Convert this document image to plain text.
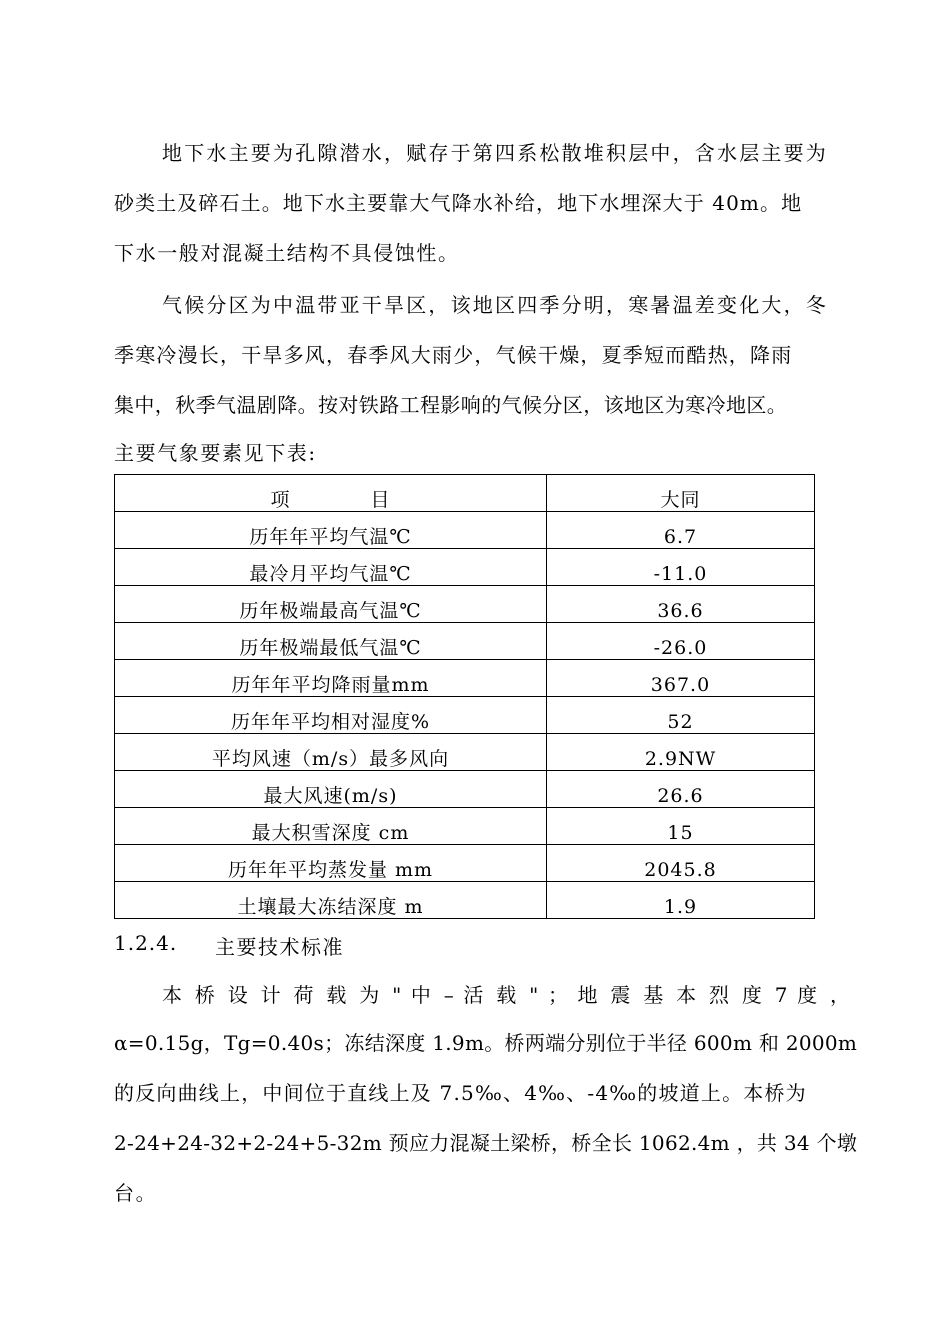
地下水主要为孔隙潜水，赋存于第四系松散堆积层中，含水层主要为
砂类土及碎石土。地下水主要靠大气降水补给，地下水埋深大于 40m。地
下水一般对混凝土结构不具侵蚀性。
气候分区为中温带亚干旱区，该地区四季分明，寒暑温差变化大，冬
季寒冷漫长，干旱多风，春季风大雨少，气候干燥，夏季短而酷热，降雨
集中，秋季气温剧降。按对铁路工程影响的气候分区，该地区为寒冷地区。
主要气象要素见下表:
项 目	大同
历年年平均气温℃	6.7
最冷月平均气温℃	-11.0
历年极端最高气温℃	36.6
历年极端最低气温℃	-26.0
历年年平均降雨量mm	367.0
历年年平均相对湿度%	52
平均风速（m/s）最多风向	2.9NW
最大风速(m/s)	26.6
最大积雪深度 cm	15
历年年平均蒸发量 mm	2045.8
土壤最大冻结深度 m	1.9
1.2.4. 主要技术标准
本 桥 设 计 荷 载 为 " 中 – 活 载 " ； 地 震 基 本 烈 度 7 度 ，
α=0.15g，Tg=0.40s；冻结深度 1.9m。桥两端分别位于半径 600m 和 2000m
的反向曲线上，中间位于直线上及 7.5‰、4‰、-4‰的坡道上。本桥为
2-24+24-32+2-24+5-32m 预应力混凝土梁桥，桥全长 1062.4m ，共 34 个墩
台。
